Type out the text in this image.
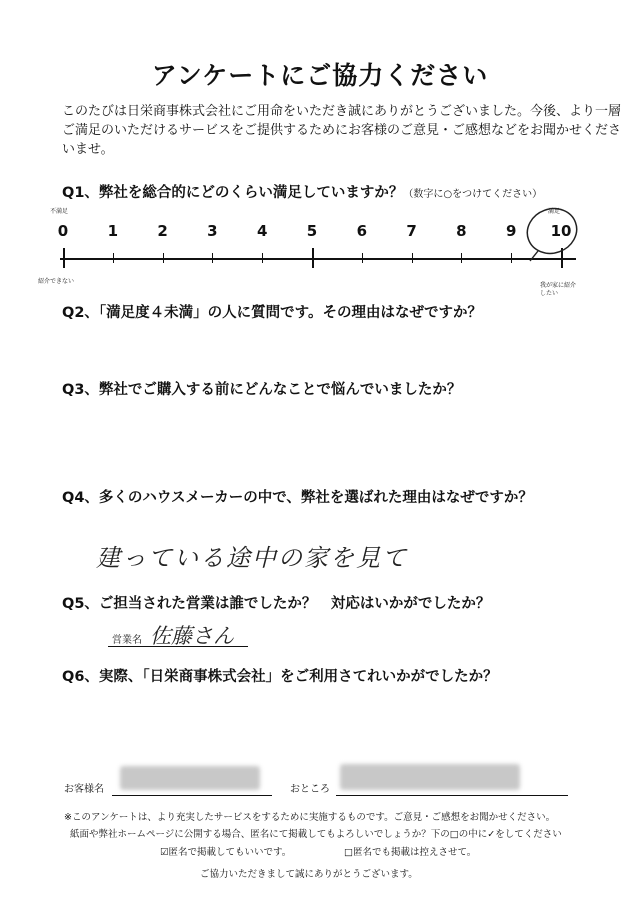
アンケートにご協力ください
このたびは日栄商事株式会社にご用命をいただき誠にありがとうございました。今後、より一層ご満足のいただけるサービスをご提供するためにお客様のご意見・ご感想などをお聞かせくださいませ。
Q1、弊社を総合的にどのくらい満足していますか？（数字に○をつけてください）
不満足	満足
0	1	2	3	4	5	6	7	8	9	10
紹介できない
我が家に紹介したい
Q2、「満足度４未満」の人に質問です。その理由はなぜですか？
Q3、弊社でご購入する前にどんなことで悩んでいましたか？
Q4、多くのハウスメーカーの中で、弊社を選ばれた理由はなぜですか？
建っている途中の家を見て
Q5、ご担当された営業は誰でしたか？　対応はいかがでしたか？
営業名 佐藤さん
Q6、実際、「日栄商事株式会社」をご利用さてれいかがでしたか？
お客様名	おところ
※このアンケートは、より充実したサービスをするために実施するものです。ご意見・ご感想をお聞かせください。
紙面や弊社ホームページに公開する場合、匿名にて掲載してもよろしいでしょうか？下の□の中に✓をしてください
☑匿名で掲載してもいいです。	□匿名でも掲載は控えさせて。
ご協力いただきまして誠にありがとうございます。
